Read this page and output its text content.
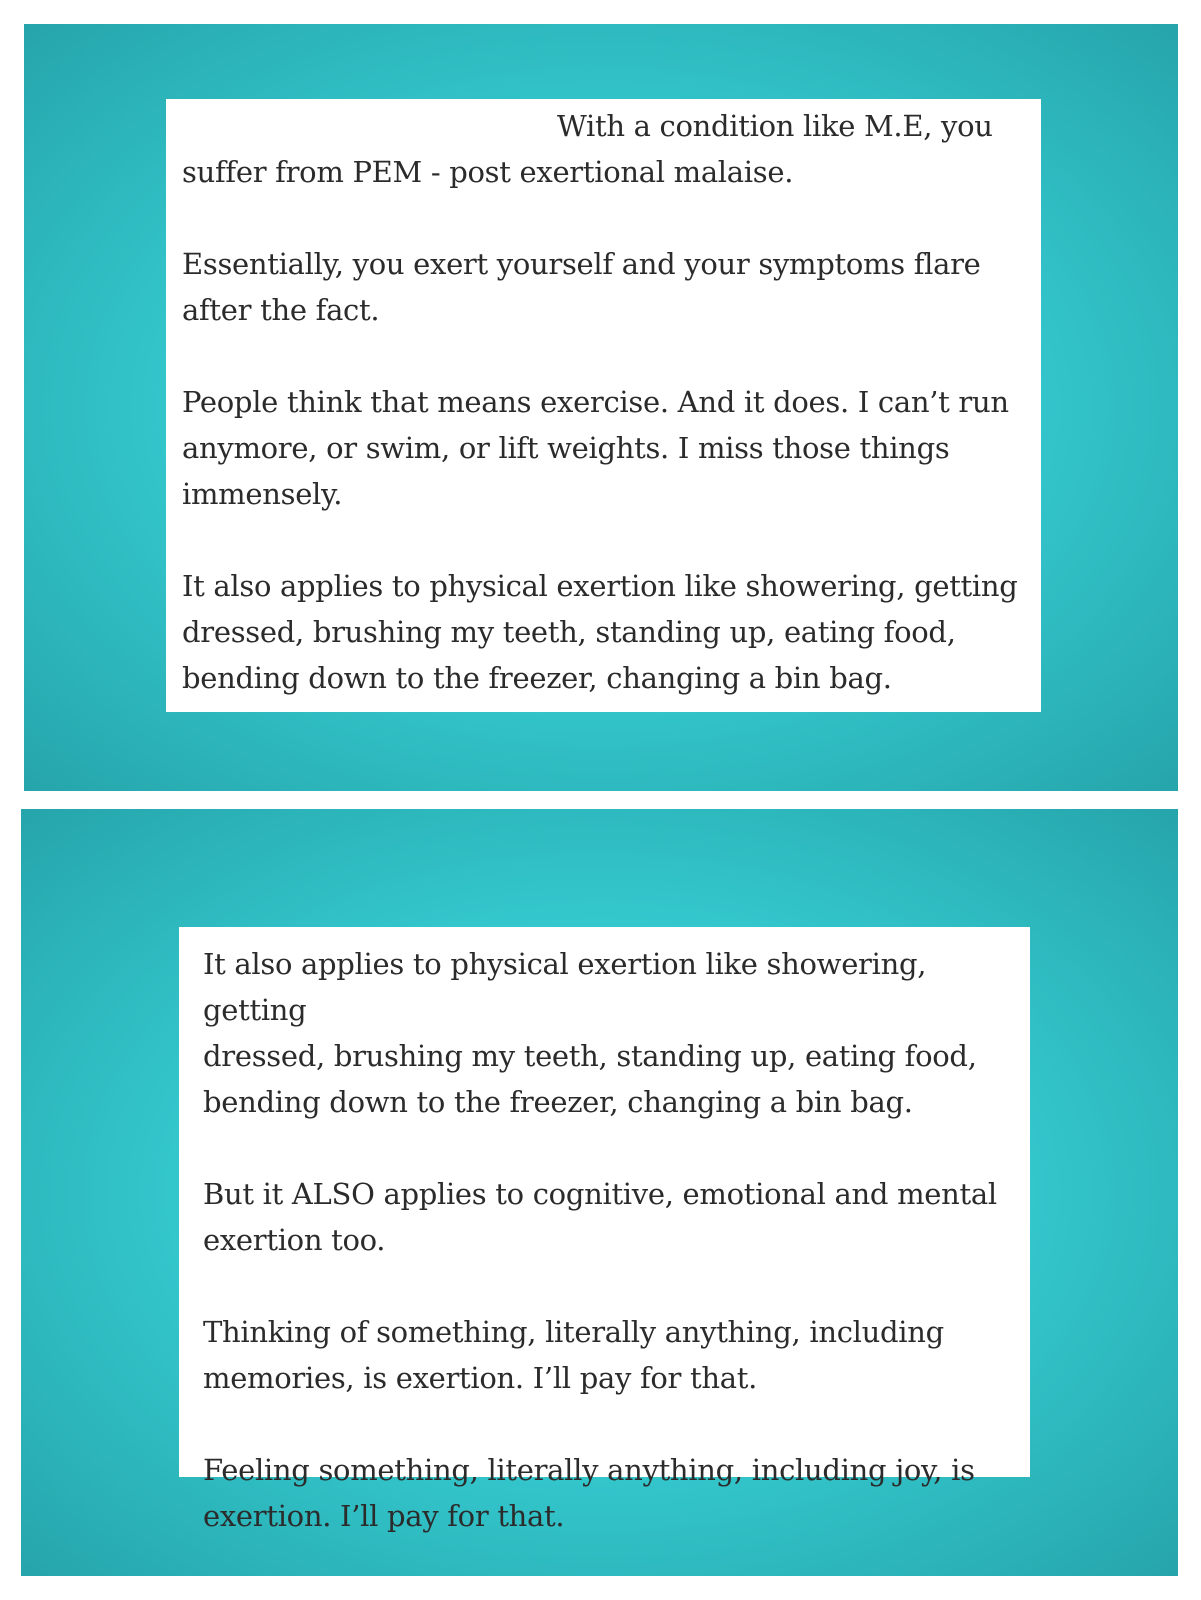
With a condition like M.E, you
suffer from PEM - post exertional malaise.

Essentially, you exert yourself and your symptoms flare
after the fact.

People think that means exercise. And it does. I can’t run
anymore, or swim, or lift weights. I miss those things
immensely.

It also applies to physical exertion like showering, getting
dressed, brushing my teeth, standing up, eating food,
bending down to the freezer, changing a bin bag.

It also applies to physical exertion like showering, getting
dressed, brushing my teeth, standing up, eating food,
bending down to the freezer, changing a bin bag.

But it ALSO applies to cognitive, emotional and mental
exertion too.

Thinking of something, literally anything, including
memories, is exertion. I’ll pay for that.

Feeling something, literally anything, including joy, is
exertion. I’ll pay for that.
